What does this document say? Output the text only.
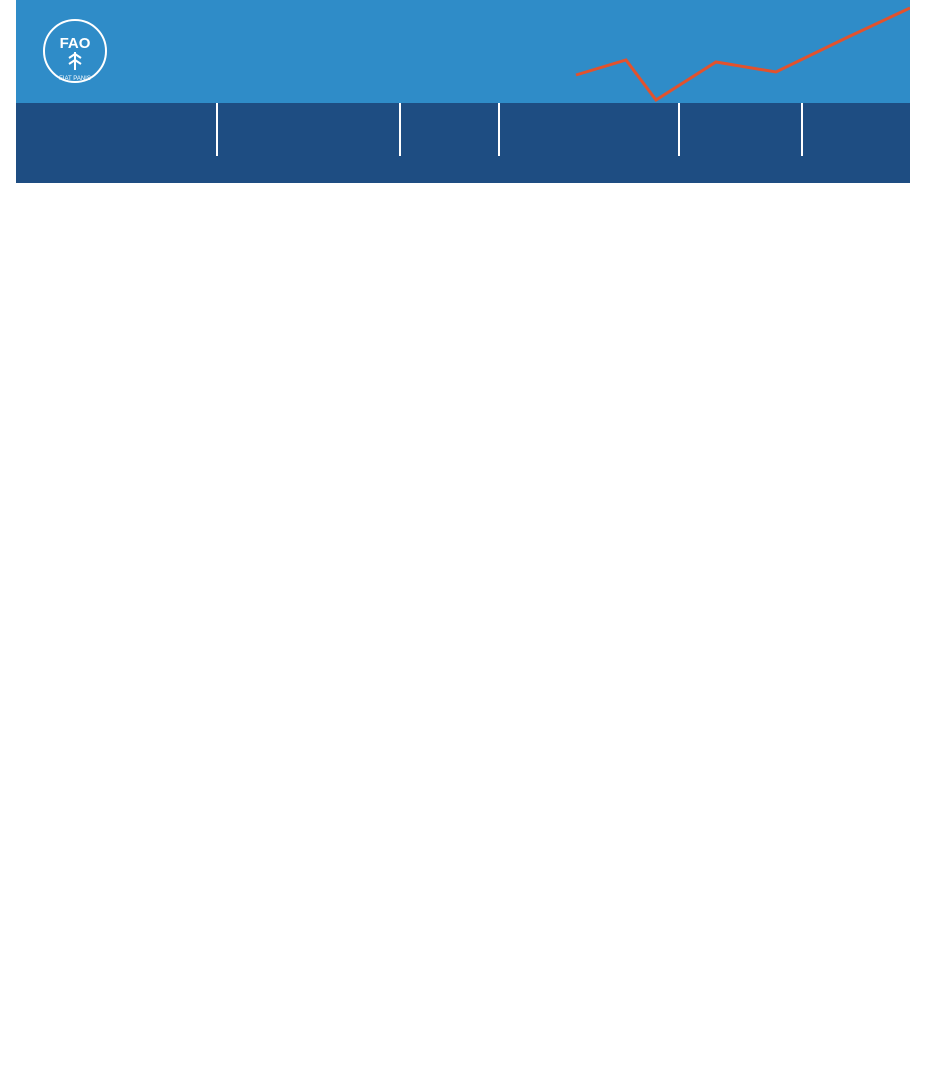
FAO
FIAT PANIS
